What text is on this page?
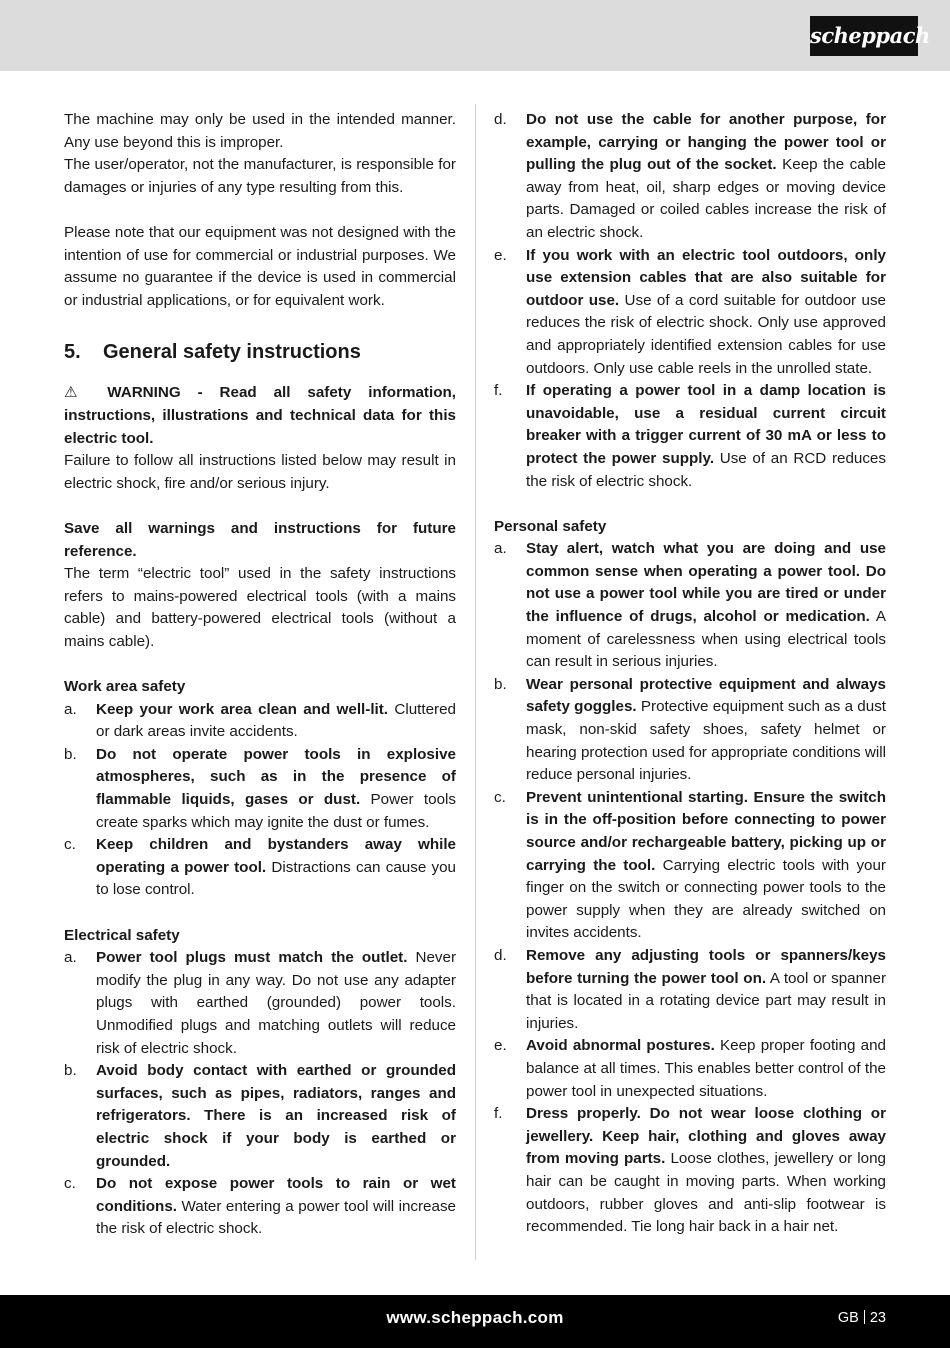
scheppach

The machine may only be used in the intended manner. Any use beyond this is improper.

The user/operator, not the manufacturer, is responsible for damages or injuries of any type resulting from this.

Please note that our equipment was not designed with the intention of use for commercial or industrial purposes. We assume no guarantee if the device is used in commercial or industrial applications, or for equivalent work.

5.	General safety instructions

⚠ WARNING - Read all safety information, instructions, illustrations and technical data for this electric tool.

Failure to follow all instructions listed below may result in electric shock, fire and/or serious injury.

Save all warnings and instructions for future reference.

The term “electric tool” used in the safety instructions refers to mains-powered electrical tools (with a mains cable) and battery-powered electrical tools (without a mains cable).

Work area safety

a.	Keep your work area clean and well-lit. Cluttered or dark areas invite accidents.
b.	Do not operate power tools in explosive atmospheres, such as in the presence of flammable liquids, gases or dust. Power tools create sparks which may ignite the dust or fumes.
c.	Keep children and bystanders away while operating a power tool. Distractions can cause you to lose control.

Electrical safety

a.	Power tool plugs must match the outlet. Never modify the plug in any way. Do not use any adapter plugs with earthed (grounded) power tools. Unmodified plugs and matching outlets will reduce risk of electric shock.
b.	Avoid body contact with earthed or grounded surfaces, such as pipes, radiators, ranges and refrigerators. There is an increased risk of electric shock if your body is earthed or grounded.
c.	Do not expose power tools to rain or wet conditions. Water entering a power tool will increase the risk of electric shock.
d.	Do not use the cable for another purpose, for example, carrying or hanging the power tool or pulling the plug out of the socket. Keep the cable away from heat, oil, sharp edges or moving device parts. Damaged or coiled cables increase the risk of an electric shock.
e.	If you work with an electric tool outdoors, only use extension cables that are also suitable for outdoor use. Use of a cord suitable for outdoor use reduces the risk of electric shock. Only use approved and appropriately identified extension cables for use outdoors. Only use cable reels in the unrolled state.
f.	If operating a power tool in a damp location is unavoidable, use a residual current circuit breaker with a trigger current of 30 mA or less to protect the power supply. Use of an RCD reduces the risk of electric shock.

Personal safety

a.	Stay alert, watch what you are doing and use common sense when operating a power tool. Do not use a power tool while you are tired or under the influence of drugs, alcohol or medication. A moment of carelessness when using electrical tools can result in serious injuries.
b.	Wear personal protective equipment and always safety goggles. Protective equipment such as a dust mask, non-skid safety shoes, safety helmet or hearing protection used for appropriate conditions will reduce personal injuries.
c.	Prevent unintentional starting. Ensure the switch is in the off-position before connecting to power source and/or rechargeable battery, picking up or carrying the tool. Carrying electric tools with your finger on the switch or connecting power tools to the power supply when they are already switched on invites accidents.
d.	Remove any adjusting tools or spanners/keys before turning the power tool on. A tool or spanner that is located in a rotating device part may result in injuries.
e.	Avoid abnormal postures. Keep proper footing and balance at all times. This enables better control of the power tool in unexpected situations.
f.	Dress properly. Do not wear loose clothing or jewellery. Keep hair, clothing and gloves away from moving parts. Loose clothes, jewellery or long hair can be caught in moving parts. When working outdoors, rubber gloves and anti-slip footwear is recommended. Tie long hair back in a hair net.
www.scheppach.com	GB 23
